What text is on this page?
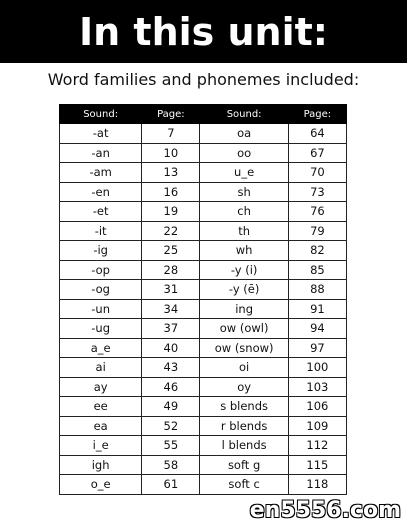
In this unit:
Word families and phonemes included:
Sound:	Page:	Sound:	Page:
-at	7	oa	64
-an	10	oo	67
-am	13	u_e	70
-en	16	sh	73
-et	19	ch	76
-it	22	th	79
-ig	25	wh	82
-op	28	-y (i)	85
-og	31	-y (ē)	88
-un	34	ing	91
-ug	37	ow (owl)	94
a_e	40	ow (snow)	97
ai	43	oi	100
ay	46	oy	103
ee	49	s blends	106
ea	52	r blends	109
i_e	55	l blends	112
igh	58	soft g	115
o_e	61	soft c	118
en5556.com
